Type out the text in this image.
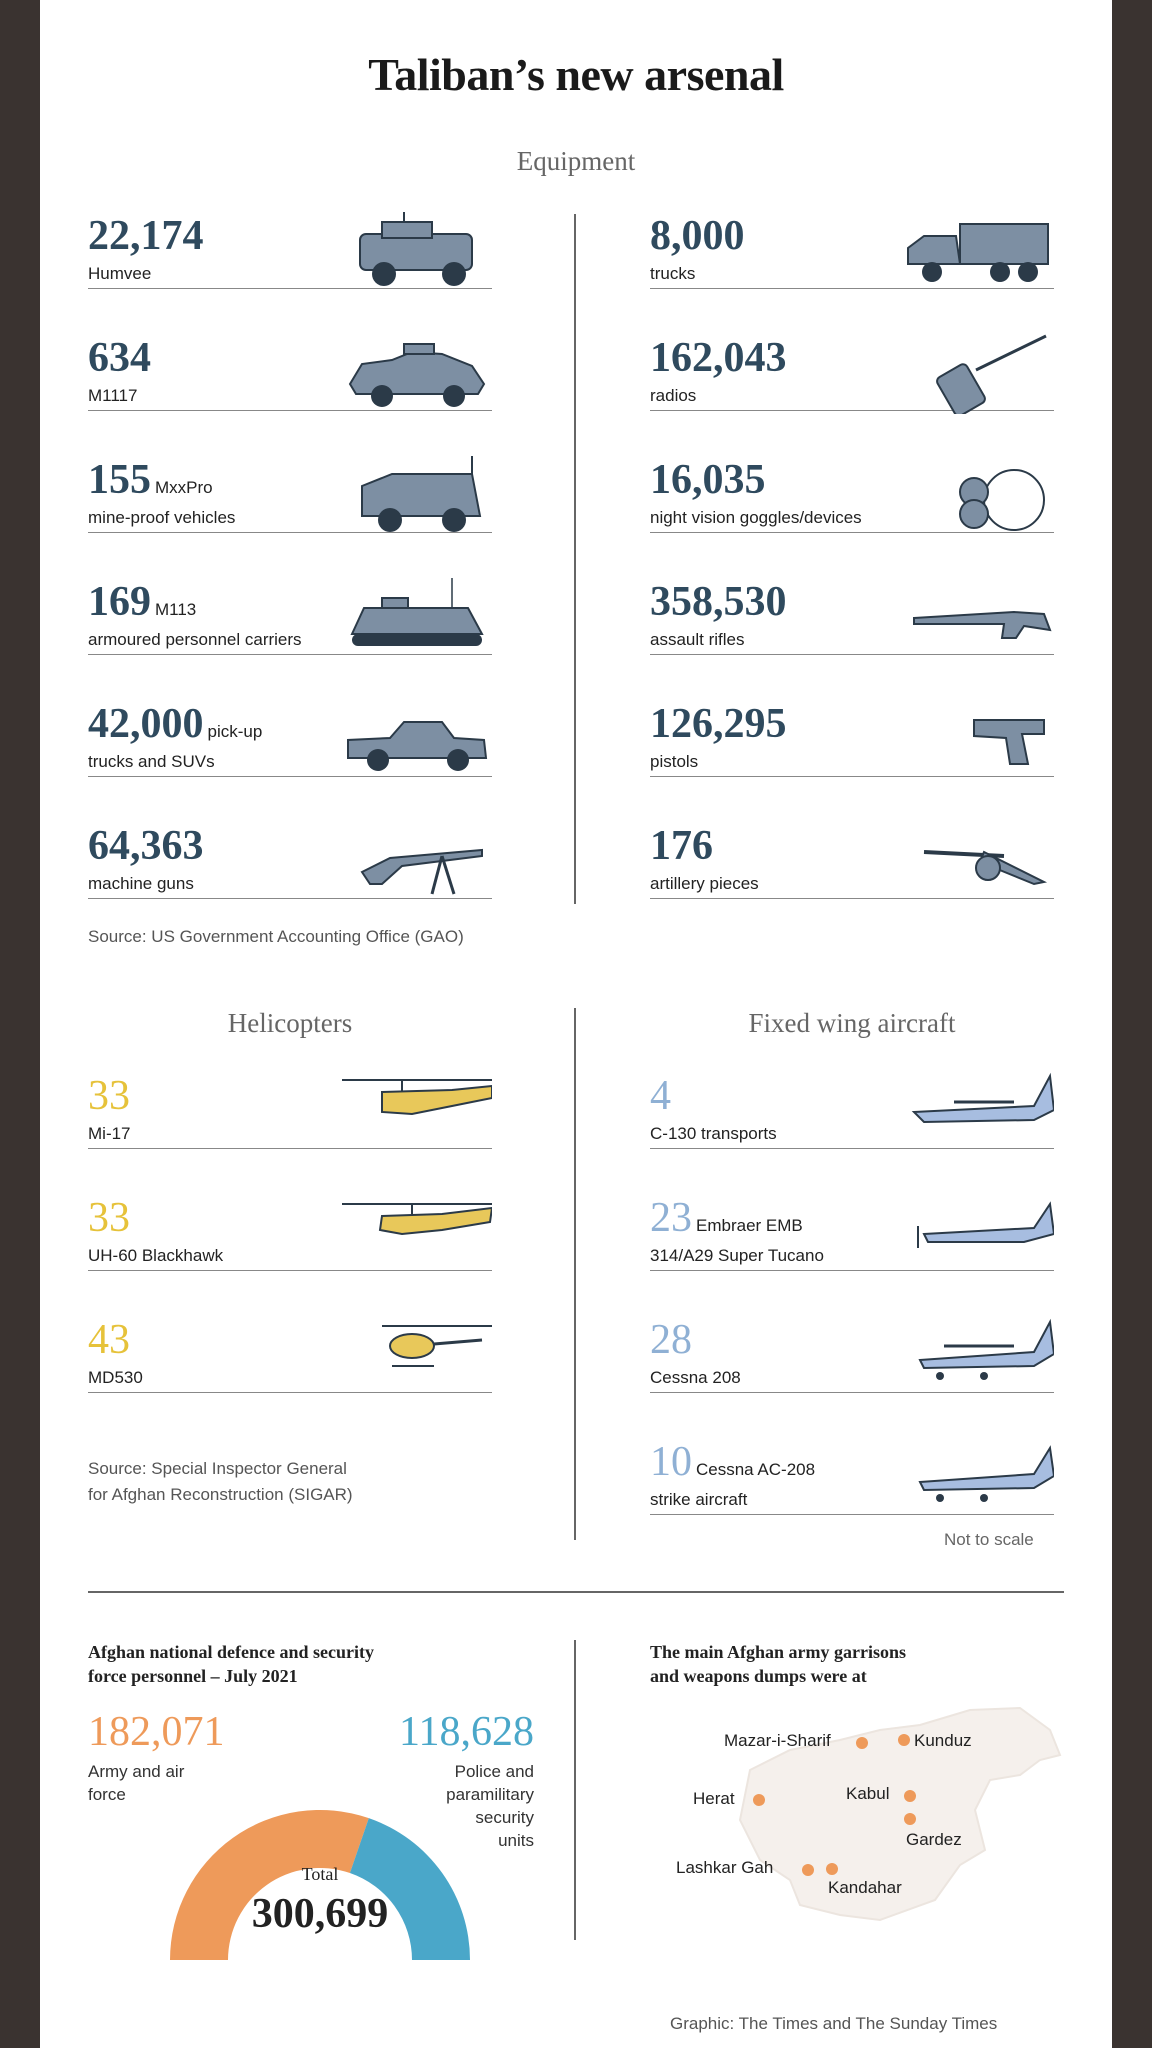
Taliban’s new arsenal
Equipment
Source: US Government Accounting Office (GAO)
Helicopters	Fixed wing aircraft
Source: Special Inspector General
for Afghan Reconstruction (SIGAR)
Not to scale
Afghan national defence and security
force personnel – July 2021
182,071
Army and air
force
118,628
Police and
paramilitary
security
units
Total
300,699
The main Afghan army garrisons
and weapons dumps were at
Mazar-i-Sharif	Kunduz
Herat	Kabul
Gardez
Lashkar Gah
Kandahar
Graphic: The Times and The Sunday Times
22,174
Humvee
634
M1117
155 MxxPro
mine-proof vehicles
169 M113
armoured personnel carriers
42,000 pick-up
trucks and SUVs
64,363
machine guns
8,000
trucks
162,043
radios
16,035
night vision goggles/devices
358,530
assault rifles
126,295
pistols
176
artillery pieces
33
Mi-17
33
UH-60 Blackhawk
43
MD530
4
C-130 transports
23 Embraer EMB
314/A29 Super Tucano
28
Cessna 208
10 Cessna AC-208
strike aircraft
